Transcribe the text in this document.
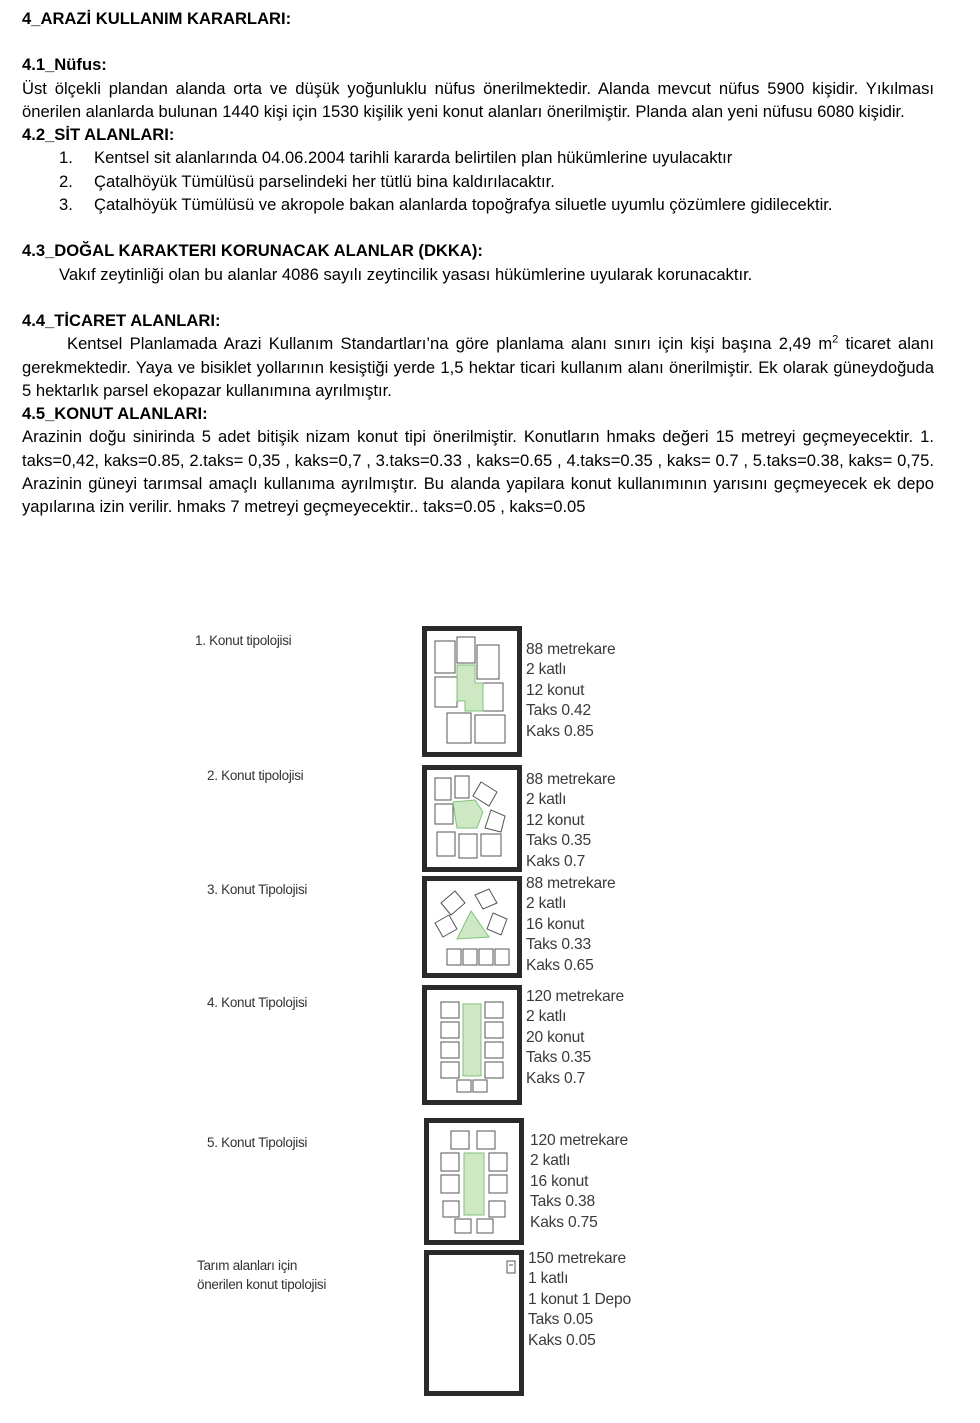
4_ARAZİ KULLANIM KARARLARI:

4.1_Nüfus:

Üst ölçekli plandan alanda orta ve düşük yoğunluklu nüfus önerilmektedir. Alanda mevcut nüfus 5900 kişidir. Yıkılması önerilen alanlarda bulunan 1440 kişi için 1530 kişilik yeni konut alanları önerilmiştir. Planda alan yeni nüfusu 6080 kişidir.

4.2_SİT ALANLARI:

1. Kentsel sit alanlarında 04.06.2004 tarihli kararda belirtilen plan hükümlerine uyulacaktır
2. Çatalhöyük Tümülüsü parselindeki her tütlü bina kaldırılacaktır.
3. Çatalhöyük Tümülüsü ve akropole bakan alanlarda topoğrafya siluetle uyumlu çözümlere gidilecektir.

4.3_DOĞAL KARAKTERI KORUNACAK ALANLAR (DKKA):

Vakıf zeytinliği olan bu alanlar 4086 sayılı zeytincilik yasası hükümlerine uyularak korunacaktır.

4.4_TİCARET ALANLARI:

Kentsel Planlamada Arazi Kullanım Standartları’na göre planlama alanı sınırı için kişi başına 2,49 $m^2$ ticaret alanı gerekmektedir. Yaya ve bisiklet yollarının kesiştiği yerde 1,5 hektar ticari kullanım alanı önerilmiştir. Ek olarak güneydoğuda 5 hektarlık parsel ekopazar kullanımına ayrılmıştır.

4.5_KONUT ALANLARI:

Arazinin doğu sinirinda 5 adet bitişik nizam konut tipi önerilmiştir. Konutların hmaks değeri 15 metreyi geçmeyecektir. 1. taks=0,42, kaks=0.85, 2.taks= 0,35 , kaks=0,7 , 3.taks=0.33 , kaks=0.65 , 4.taks=0.35 , kaks= 0.7 , 5.taks=0.38, kaks= 0,75. Arazinin güneyi tarımsal amaçlı kullanıma ayrılmıştır. Bu alanda yapilara konut kullanımının yarısını geçmeyecek ek depo yapılarına izin verilir. hmaks 7 metreyi geçmeyecektir.. taks=0.05 , kaks=0.05

1. Konut tipolojisi
88 metrekare
2 katlı
12 konut
Taks 0.42
Kaks 0.85
2. Konut tipolojisi	88 metrekare
2 katlı
12 konut
Taks 0.35
Kaks 0.7
3. Konut Tipolojisi	88 metrekare
2 katlı
16 konut
Taks 0.33
Kaks 0.65
4. Konut Tipolojisi	120 metrekare
2 katlı
20 konut
Taks 0.35
Kaks 0.7
5. Konut Tipolojisi	120 metrekare
2 katlı
16 konut
Taks 0.38
Kaks 0.75
Tarım alanları için
önerilen konut tipolojisi
150 metrekare
1 katlı
1 konut 1 Depo
Taks 0.05
Kaks 0.05
